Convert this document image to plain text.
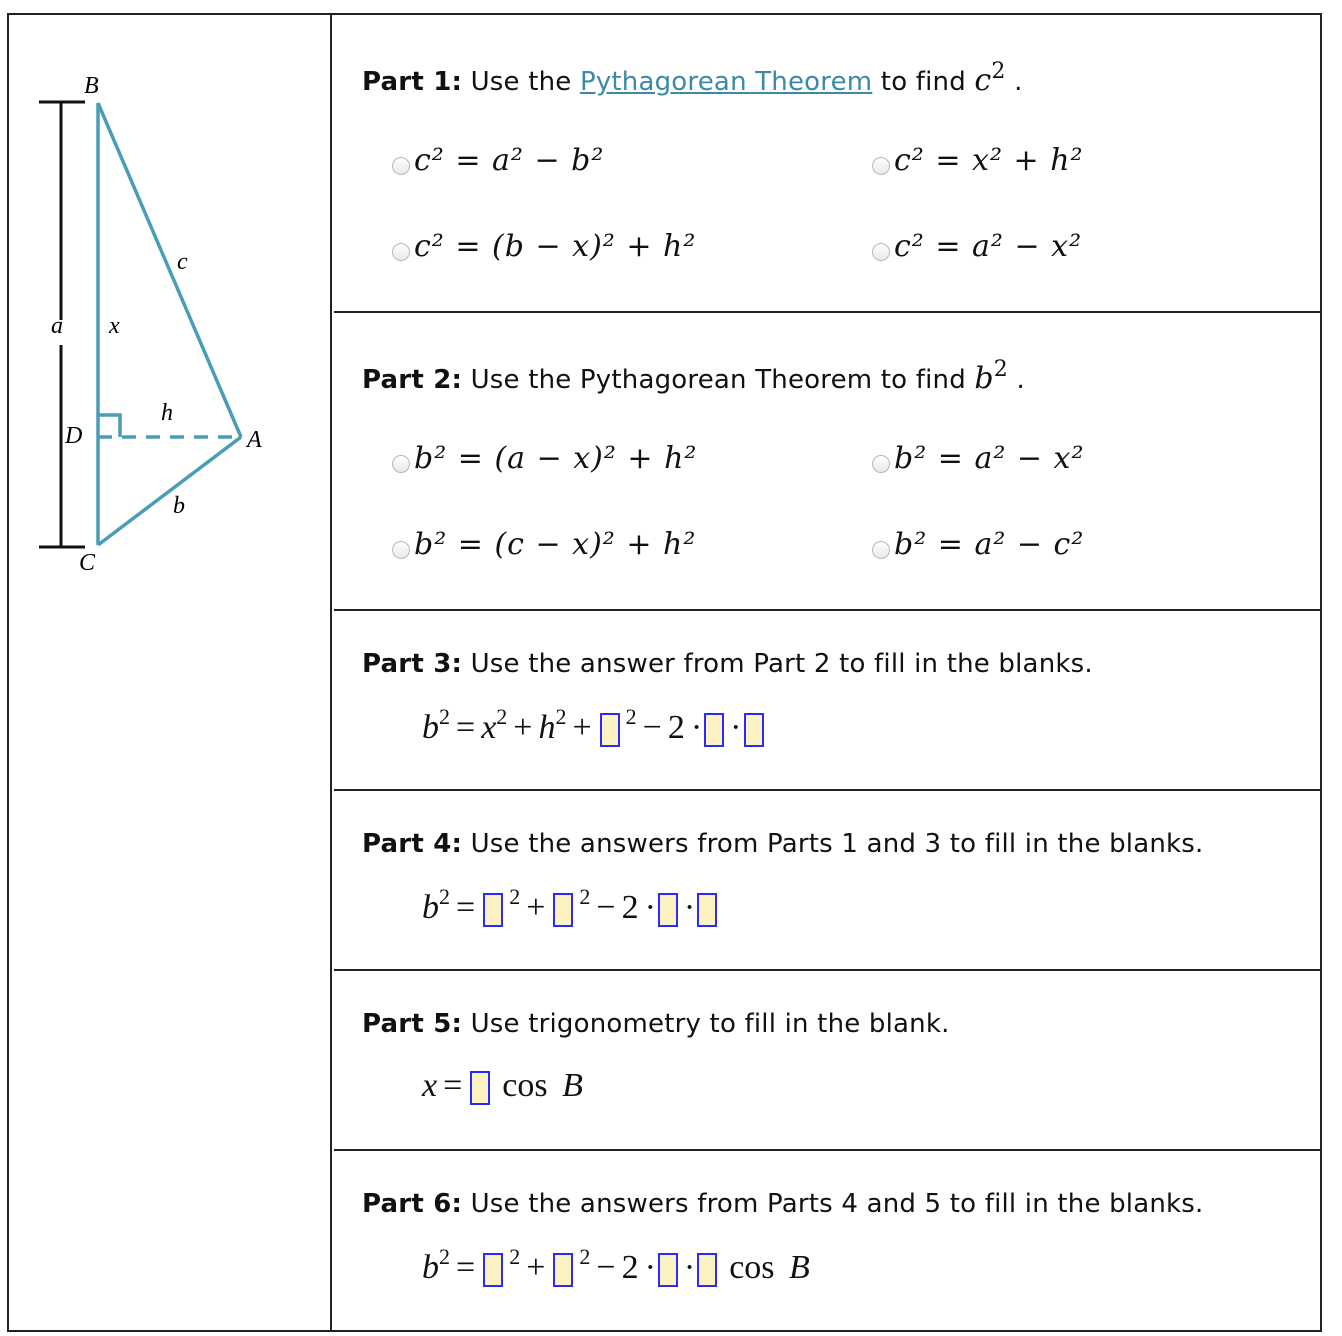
B
C
A
D
a
b
c
x
h
Part 1: Use the Pythagorean Theorem to find $c^2$ .
c² = a² − b²	c² = x² + h²
c² = (b − x)² + h²	c² = a² − x²
Part 2: Use the Pythagorean Theorem to find $b^2$ .
b² = (a − x)² + h²	b² = a² − x²
b² = (c − x)² + h²	b² = a² − c²
Part 3: Use the answer from Part 2 to fill in the blanks.
$b^2 = x^2 + h^2$ +	$^2$ − 2 · ·
Part 4: Use the answers from Parts 1 and 3 to fill in the blanks.
$b^2$ =	$^2$ +	$^2$ − 2 · ·
Part 5: Use trigonometry to fill in the blank.
x = cos B
Part 6: Use the answers from Parts 4 and 5 to fill in the blanks.
$b^2$ =	$^2$ +	$^2$ − 2 · ·	cos B
